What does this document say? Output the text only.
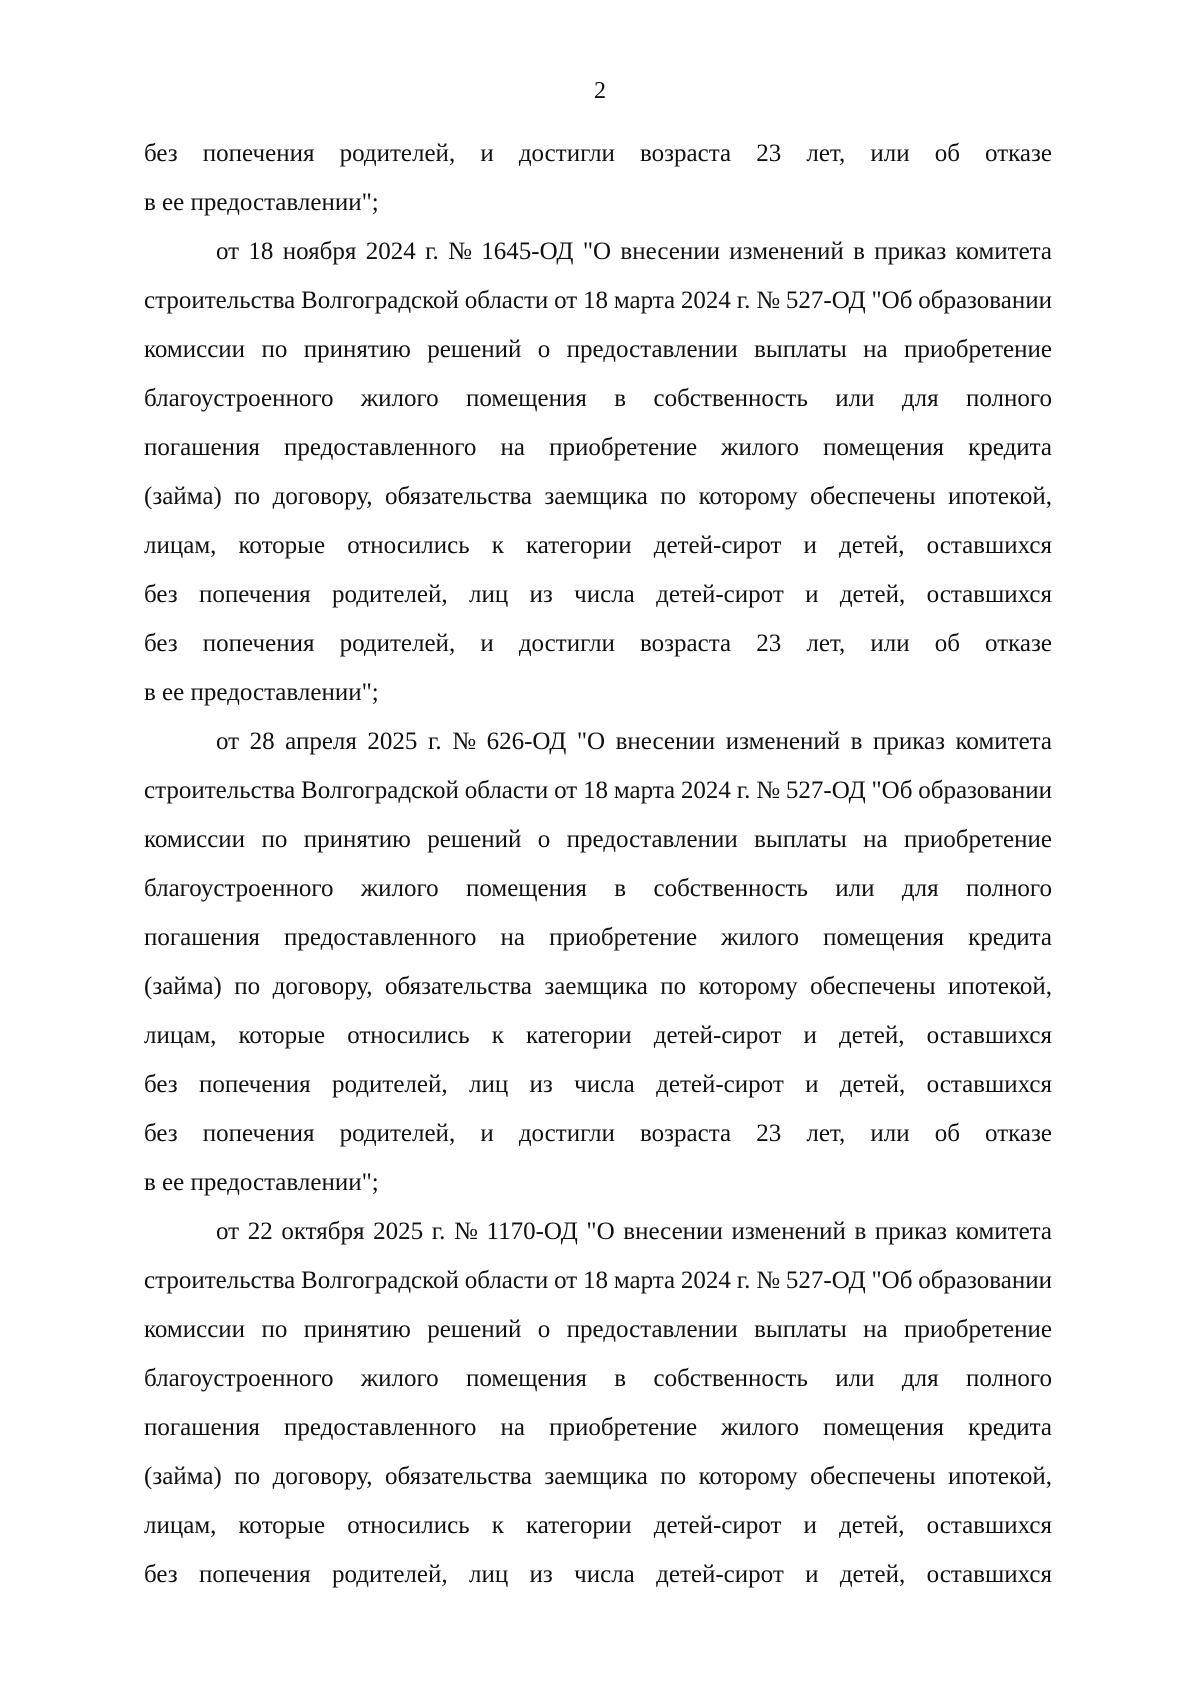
2
без попечения родителей, и достигли возраста 23 лет, или об отказе
в ее предоставлении";
от 18 ноября 2024 г. № 1645-ОД "О внесении изменений в приказ комитета
строительства Волгоградской области от 18 марта 2024 г. № 527-ОД "Об образовании
комиссии по принятию решений о предоставлении выплаты на приобретение
благоустроенного жилого помещения в собственность или для полного
погашения предоставленного на приобретение жилого помещения кредита
(займа) по договору, обязательства заемщика по которому обеспечены ипотекой,
лицам, которые относились к категории детей-сирот и детей, оставшихся
без попечения родителей, лиц из числа детей-сирот и детей, оставшихся
без попечения родителей, и достигли возраста 23 лет, или об отказе
в ее предоставлении";
от 28 апреля 2025 г. № 626-ОД "О внесении изменений в приказ комитета
строительства Волгоградской области от 18 марта 2024 г. № 527-ОД "Об образовании
комиссии по принятию решений о предоставлении выплаты на приобретение
благоустроенного жилого помещения в собственность или для полного
погашения предоставленного на приобретение жилого помещения кредита
(займа) по договору, обязательства заемщика по которому обеспечены ипотекой,
лицам, которые относились к категории детей-сирот и детей, оставшихся
без попечения родителей, лиц из числа детей-сирот и детей, оставшихся
без попечения родителей, и достигли возраста 23 лет, или об отказе
в ее предоставлении";
от 22 октября 2025 г. № 1170-ОД "О внесении изменений в приказ комитета
строительства Волгоградской области от 18 марта 2024 г. № 527-ОД "Об образовании
комиссии по принятию решений о предоставлении выплаты на приобретение
благоустроенного жилого помещения в собственность или для полного
погашения предоставленного на приобретение жилого помещения кредита
(займа) по договору, обязательства заемщика по которому обеспечены ипотекой,
лицам, которые относились к категории детей-сирот и детей, оставшихся
без попечения родителей, лиц из числа детей-сирот и детей, оставшихся
